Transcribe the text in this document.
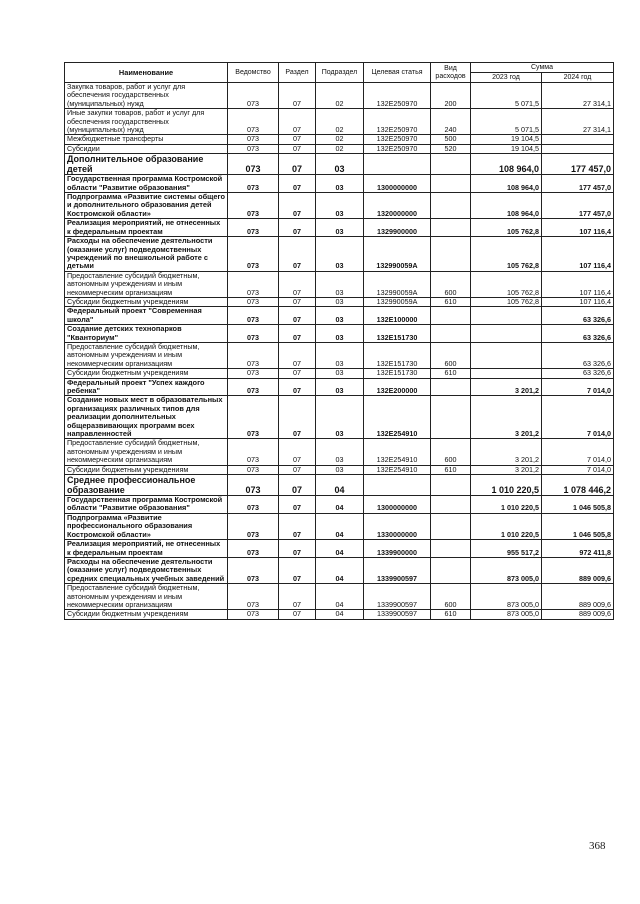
Наименование	Ведомство	Раздел	Подраздел	Целевая статья	Вид расходов	Сумма	
						2023 год	2024 год
Закупка товаров, работ и услуг для обеспечения государственных (муниципальных) нужд	073	07	02	132E250970	200	5 071,5	27 314,1
Иные закупки товаров, работ и услуг для обеспечения государственных (муниципальных) нужд	073	07	02	132E250970	240	5 071,5	27 314,1
Межбюджетные трансферты	073	07	02	132E250970	500	19 104,5	
Субсидии	073	07	02	132E250970	520	19 104,5	
Дополнительное образование детей	073	07	03			108 964,0	177 457,0
Государственная программа Костромской области "Развитие образования"	073	07	03	1300000000		108 964,0	177 457,0
Подпрограмма «Развитие системы общего и дополнительного образования детей Костромской области»	073	07	03	1320000000		108 964,0	177 457,0
Реализация мероприятий, не отнесенных к федеральным проектам	073	07	03	1329900000		105 762,8	107 116,4
Расходы на обеспечение деятельности (оказание услуг) подведомственных учреждений по внешкольной работе с детьми	073	07	03	132990059A		105 762,8	107 116,4
Предоставление субсидий бюджетным, автономным учреждениям и иным некоммерческим организациям	073	07	03	132990059A	600	105 762,8	107 116,4
Субсидии бюджетным учреждениям	073	07	03	132990059A	610	105 762,8	107 116,4
Федеральный проект "Современная школа"	073	07	03	132E100000			63 326,6
Создание детских технопарков "Кванториум"	073	07	03	132E151730			63 326,6
Предоставление субсидий бюджетным, автономным учреждениям и иным некоммерческим организациям	073	07	03	132E151730	600		63 326,6
Субсидии бюджетным учреждениям	073	07	03	132E151730	610		63 326,6
Федеральный проект "Успех каждого ребенка"	073	07	03	132E200000		3 201,2	7 014,0
Создание новых мест в образовательных организациях различных типов для реализации дополнительных общеразвивающих программ всех направленностей	073	07	03	132E254910		3 201,2	7 014,0
Предоставление субсидий бюджетным, автономным учреждениям и иным некоммерческим организациям	073	07	03	132E254910	600	3 201,2	7 014,0
Субсидии бюджетным учреждениям	073	07	03	132E254910	610	3 201,2	7 014,0
Среднее профессиональное образование	073	07	04			1 010 220,5	1 078 446,2
Государственная программа Костромской области "Развитие образования"	073	07	04	1300000000		1 010 220,5	1 046 505,8
Подпрограмма «Развитие профессионального образования Костромской области»	073	07	04	1330000000		1 010 220,5	1 046 505,8
Реализация мероприятий, не отнесенных к федеральным проектам	073	07	04	1339900000		955 517,2	972 411,8
Расходы на обеспечение деятельности (оказание услуг) подведомственных средних специальных учебных заведений	073	07	04	1339900597		873 005,0	889 009,6
Предоставление субсидий бюджетным, автономным учреждениям и иным некоммерческим организациям	073	07	04	1339900597	600	873 005,0	889 009,6
Субсидии бюджетным учреждениям	073	07	04	1339900597	610	873 005,0	889 009,6
368
